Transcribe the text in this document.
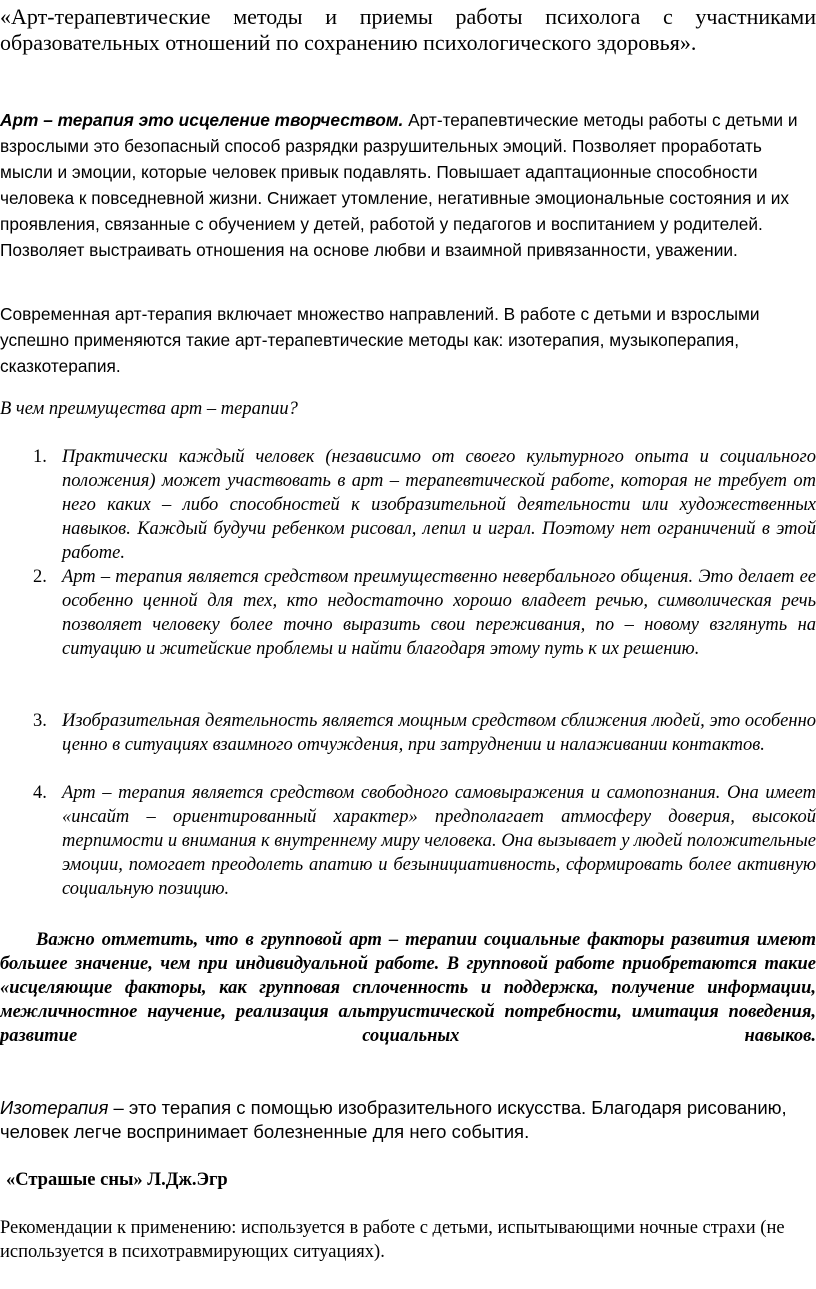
«Арт-терапевтические методы и приемы работы психолога с участниками образовательных отношений по сохранению психологического здоровья».

Арт – терапия это исцеление творчеством. Арт-терапевтические методы работы с детьми и взрослыми это безопасный способ разрядки разрушительных эмоций. Позволяет проработать мысли и эмоции, которые человек привык подавлять. Повышает адаптационные способности человека к повседневной жизни. Снижает утомление, негативные эмоциональные состояния и их проявления, связанные с обучением у детей, работой у педагогов и воспитанием у родителей. Позволяет выстраивать отношения на основе любви и взаимной привязанности, уважении.

Современная арт-терапия включает множество направлений. В работе с детьми и взрослыми успешно применяются такие арт-терапевтические методы как: изотерапия, музыкоперапия, сказкотерапия.

В чем преимущества арт – терапии?

1. Практически каждый человек (независимо от своего культурного опыта и социального положения) может участвовать в арт – терапевтической работе, которая не требует от него каких – либо способностей к изобразительной деятельности или художественных навыков. Каждый будучи ребенком рисовал, лепил и играл. Поэтому нет ограничений в этой работе.
2. Арт – терапия является средством преимущественно невербального общения. Это делает ее особенно ценной для тех, кто недостаточно хорошо владеет речью, символическая речь позволяет человеку более точно выразить свои переживания, по – новому взглянуть на ситуацию и житейские проблемы и найти благодаря этому путь к их решению.
3. Изобразительная деятельность является мощным средством сближения людей, это особенно ценно в ситуациях взаимного отчуждения, при затруднении и налаживании контактов.
4. Арт – терапия является средством свободного самовыражения и самопознания. Она имеет «инсайт – ориентированный характер» предполагает атмосферу доверия, высокой терпимости и внимания к внутреннему миру человека. Она вызывает у людей положительные эмоции, помогает преодолеть апатию и безынициативность, сформировать более активную социальную позицию.

Важно отметить, что в групповой арт – терапии социальные факторы развития имеют большее значение, чем при индивидуальной работе. В групповой работе приобретаются такие «исцеляющие факторы, как групповая сплоченность и поддержка, получение информации, межличностное научение, реализация альтруистической потребности, имитация поведения, развитие социальных навыков.

Изотерапия – это терапия с помощью изобразительного искусства. Благодаря рисованию, человек легче воспринимает болезненные для него события.

«Страшые сны» Л.Дж.Эгр

Рекомендации к применению: используется в работе с детьми, испытывающими ночные страхи (не используется в психотравмирующих ситуациях).
